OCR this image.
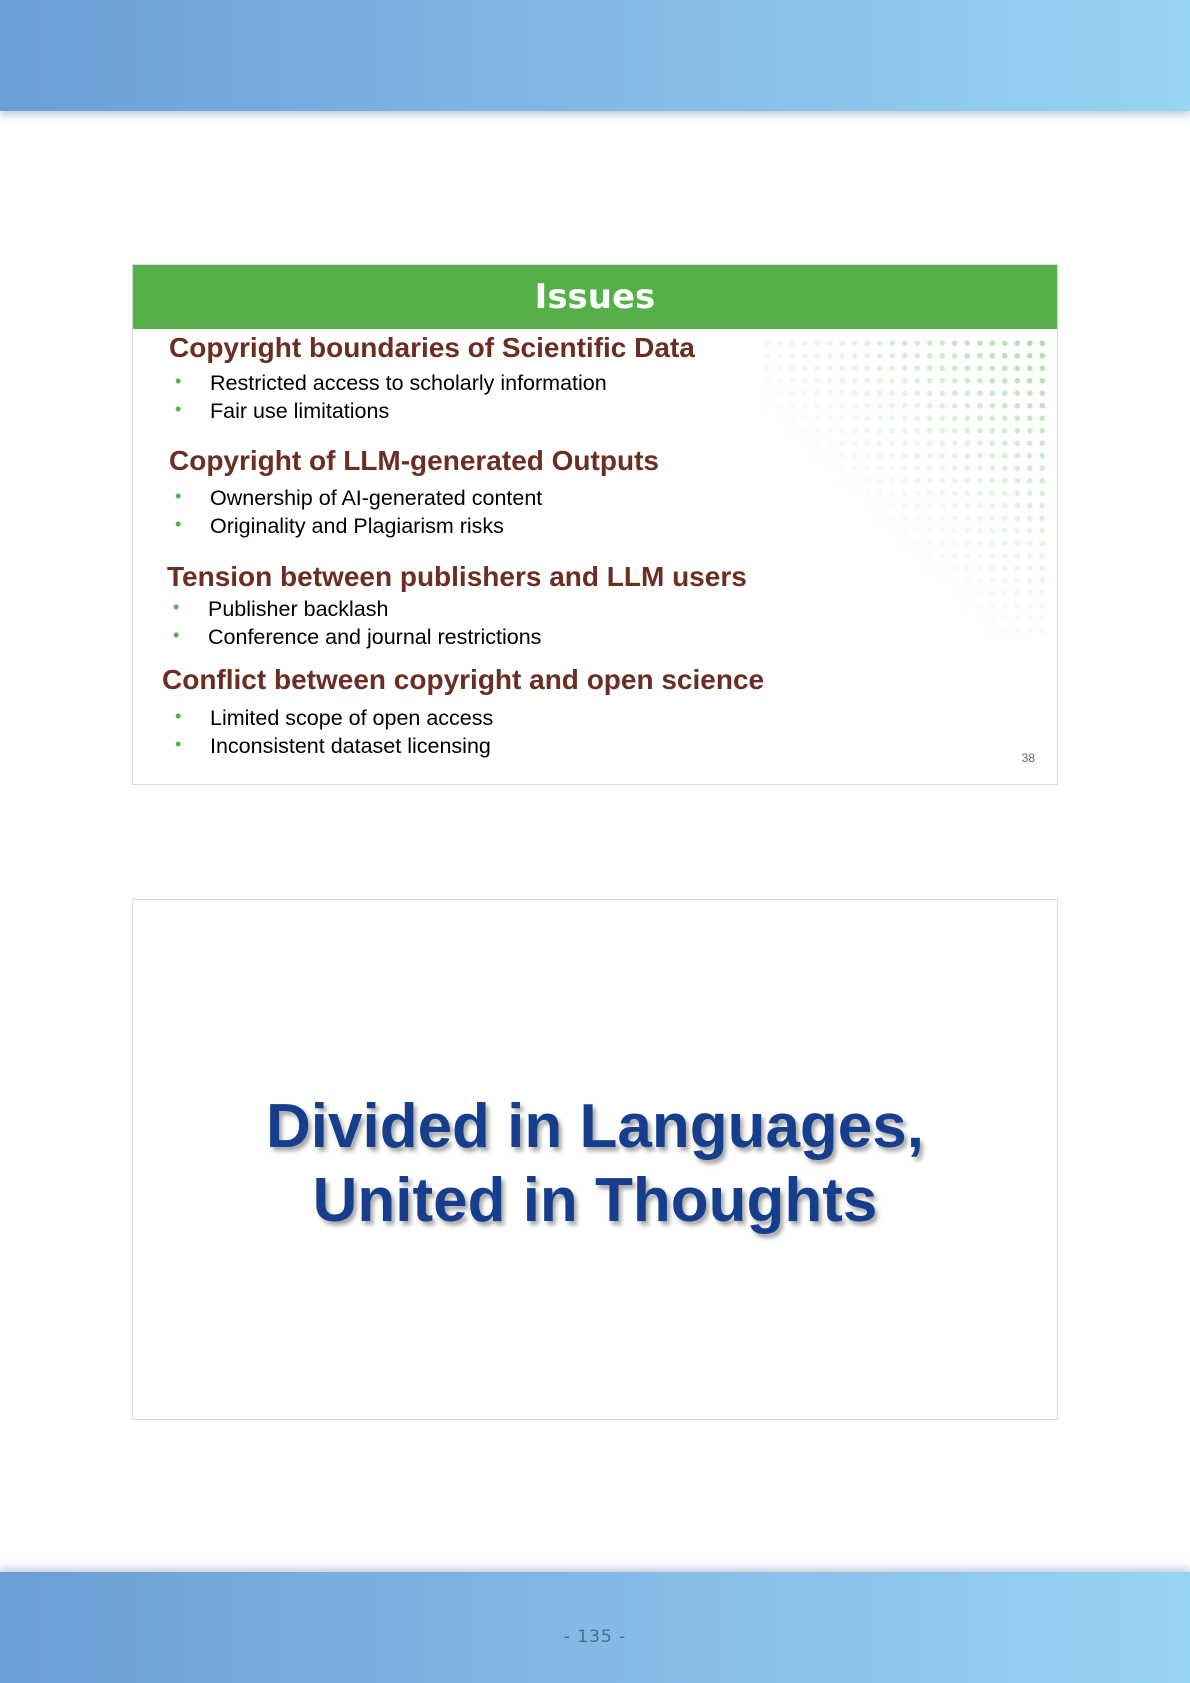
Issues
Copyright boundaries of Scientific Data
• Restricted access to scholarly information
• Fair use limitations
Copyright of LLM-generated Outputs
• Ownership of AI-generated content
• Originality and Plagiarism risks
Tension between publishers and LLM users
• Publisher backlash
• Conference and journal restrictions
Conflict between copyright and open science
• Limited scope of open access
• Inconsistent dataset licensing	38
Divided in Languages,
United in Thoughts
- 135 -
